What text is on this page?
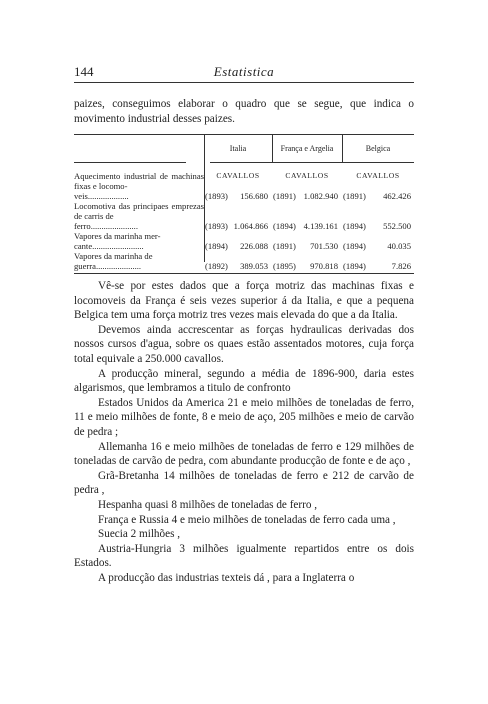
144	Estatistica
paizes, conseguimos elaborar o quadro que se segue, que indica o movimento industrial desses paizes.
Italia	França e Argelia	Belgica
CAVALLOS	CAVALLOS	CAVALLOS
Aquecimento industrial de machinas fixas e locomo-
veis...................	(1893) 156.680 (1891) 1.082.940 (1891) 462.426
Locomotiva das principaes emprezas de carris de
ferro......................	(1893) 1.064.866 (1894) 4.139.161 (1894) 552.500
Vapores da marinha mer-
cante........................	(1894) 226.088 (1891) 701.530 (1894) 40.035
Vapores da marinha de
guerra.....................	(1892) 389.053 (1895) 970.818 (1894)	7.826

Vê-se por estes dados que a força motriz das machinas fixas e locomoveis da França é seis vezes superior á da Italia, e que a pequena Belgica tem uma força motriz tres vezes mais elevada do que a da Italia.

Devemos ainda accrescentar as forças hydraulicas derivadas dos nossos cursos d'agua, sobre os quaes estão assentados motores, cuja força total equivale a 250.000 cavallos.

A producção mineral, segundo a média de 1896-900, daria estes algarismos, que lembramos a titulo de confronto

Estados Unidos da America 21 e meio milhões de toneladas de ferro, 11 e meio milhões de fonte, 8 e meio de aço, 205 milhões e meio de carvão de pedra ;

Allemanha 16 e meio milhões de toneladas de ferro e 129 milhões de toneladas de carvão de pedra, com abundante producção de fonte e de aço ,

Grã-Bretanha 14 milhões de toneladas de ferro e 212 de carvão de pedra ,

Hespanha quasi 8 milhões de toneladas de ferro ,

França e Russia 4 e meio milhões de toneladas de ferro cada uma ,

Suecia 2 milhões ,

Austria-Hungria 3 milhões igualmente repartidos entre os dois Estados.

A producção das industrias texteis dá , para a Inglaterra o
